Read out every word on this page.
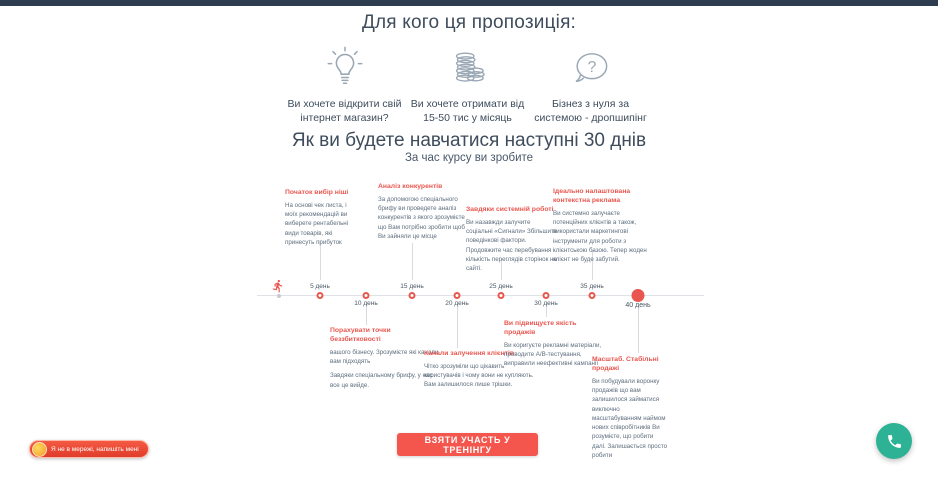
Для кого ця пропозиція:
Ви хочете відкрити свій інтернет магазин?
Ви хочете отримати від 15-50 тис у місяць
?
Бізнез з нуля за системою - дропшипінг
Як ви будете навчатися наступні 30 днів
За час курсу ви зробите
5 день
10 день
15 день
20 день
25 день
30 день
35 день
40 день
Початок вибір ніші

На основі чек листа, і моїх рекомендацій ви виберете рентабельні види товарів, які принесуть прибуток

Аналіз конкурентів

За допомогою спеціального брифу ви проведете аналіз конкурентів з якого зрозумієте що Вам потрібно зробити щоб Ви зайняли це місце

Завдяки системній роботі

Ви назавжди залучите соціальні «Сигнали» Збільшите поведінкові фактори. Продовжите час перебування і кількість переглядів сторінок на сайті.

Ідеально налаштована контекстна реклама

Ви системно залучаєте потенційних клієнтів а також, використали маркетингові інструменти для роботи з клієнтською базою. Тепер жоден клієнт не буде забутий.

Порахувати точки беззбитковості

вашого бізнесу. Зрозумієте які канали вам підходять

Завдяки спеціальному брифу, у нас все це вийде.

Канали залучення клієнтів

Чітко зрозуміли що цікавить користувачів і чому вони не купляють. Вам залишилося лише трішки.

Ви підвищуєте якість продажів

Ви коригуєте рекламні матеріали, проводите А/В-тестування, виправили неефективні кампанії

Масштаб. Стабільні продажі

Ви побудували воронку продажів що вам залишилося займатися виключно масштабуванням наймом нових співробітників Ви розумієте, що робити далі. Залишається просто робити

ВЗЯТИ УЧАСТЬ У ТРЕНІНГУ
Я не в мережі, напишіть мені
